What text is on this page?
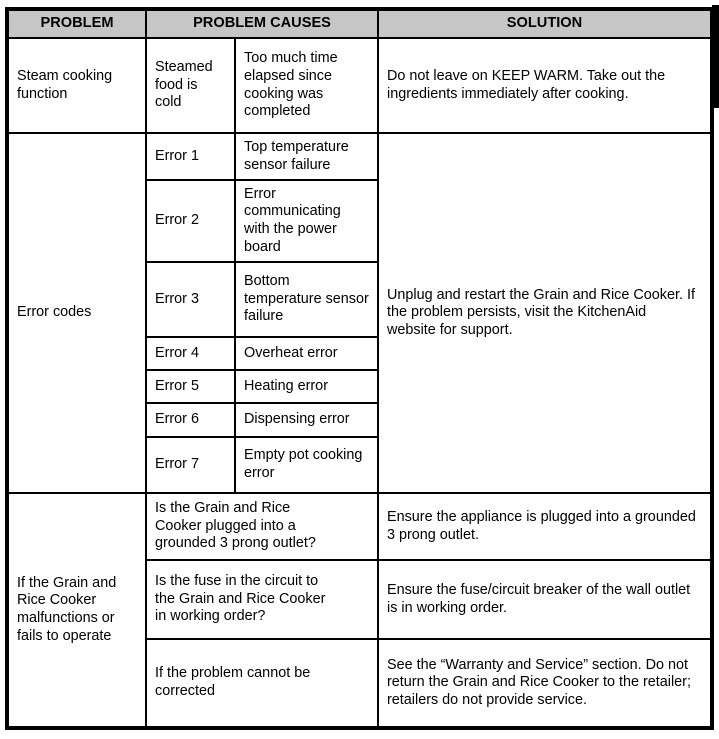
PROBLEM	PROBLEM CAUSES		SOLUTION
Steam cooking function	Steamed food is cold	Too much time elapsed since cooking was completed	Do not leave on KEEP WARM. Take out the ingredients immediately after cooking.
Error codes	Error 1	Top temperature sensor failure	Unplug and restart the Grain and Rice Cooker. If the problem persists, visit the KitchenAid website for support.
	Error 2	Error communicating with the power board	
	Error 3	Bottom temperature sensor failure	
	Error 4	Overheat error	
	Error 5	Heating error	
	Error 6	Dispensing error	
	Error 7	Empty pot cooking error	
If the Grain and Rice Cooker malfunctions or fails to operate	Is the Grain and Rice Cooker plugged into a grounded 3 prong outlet?		Ensure the appliance is plugged into a grounded 3 prong outlet.
	Is the fuse in the circuit to the Grain and Rice Cooker in working order?		Ensure the fuse/circuit breaker of the wall outlet is in working order.
	If the problem cannot be corrected		See the “Warranty and Service” section. Do not return the Grain and Rice Cooker to the retailer; retailers do not provide service.
